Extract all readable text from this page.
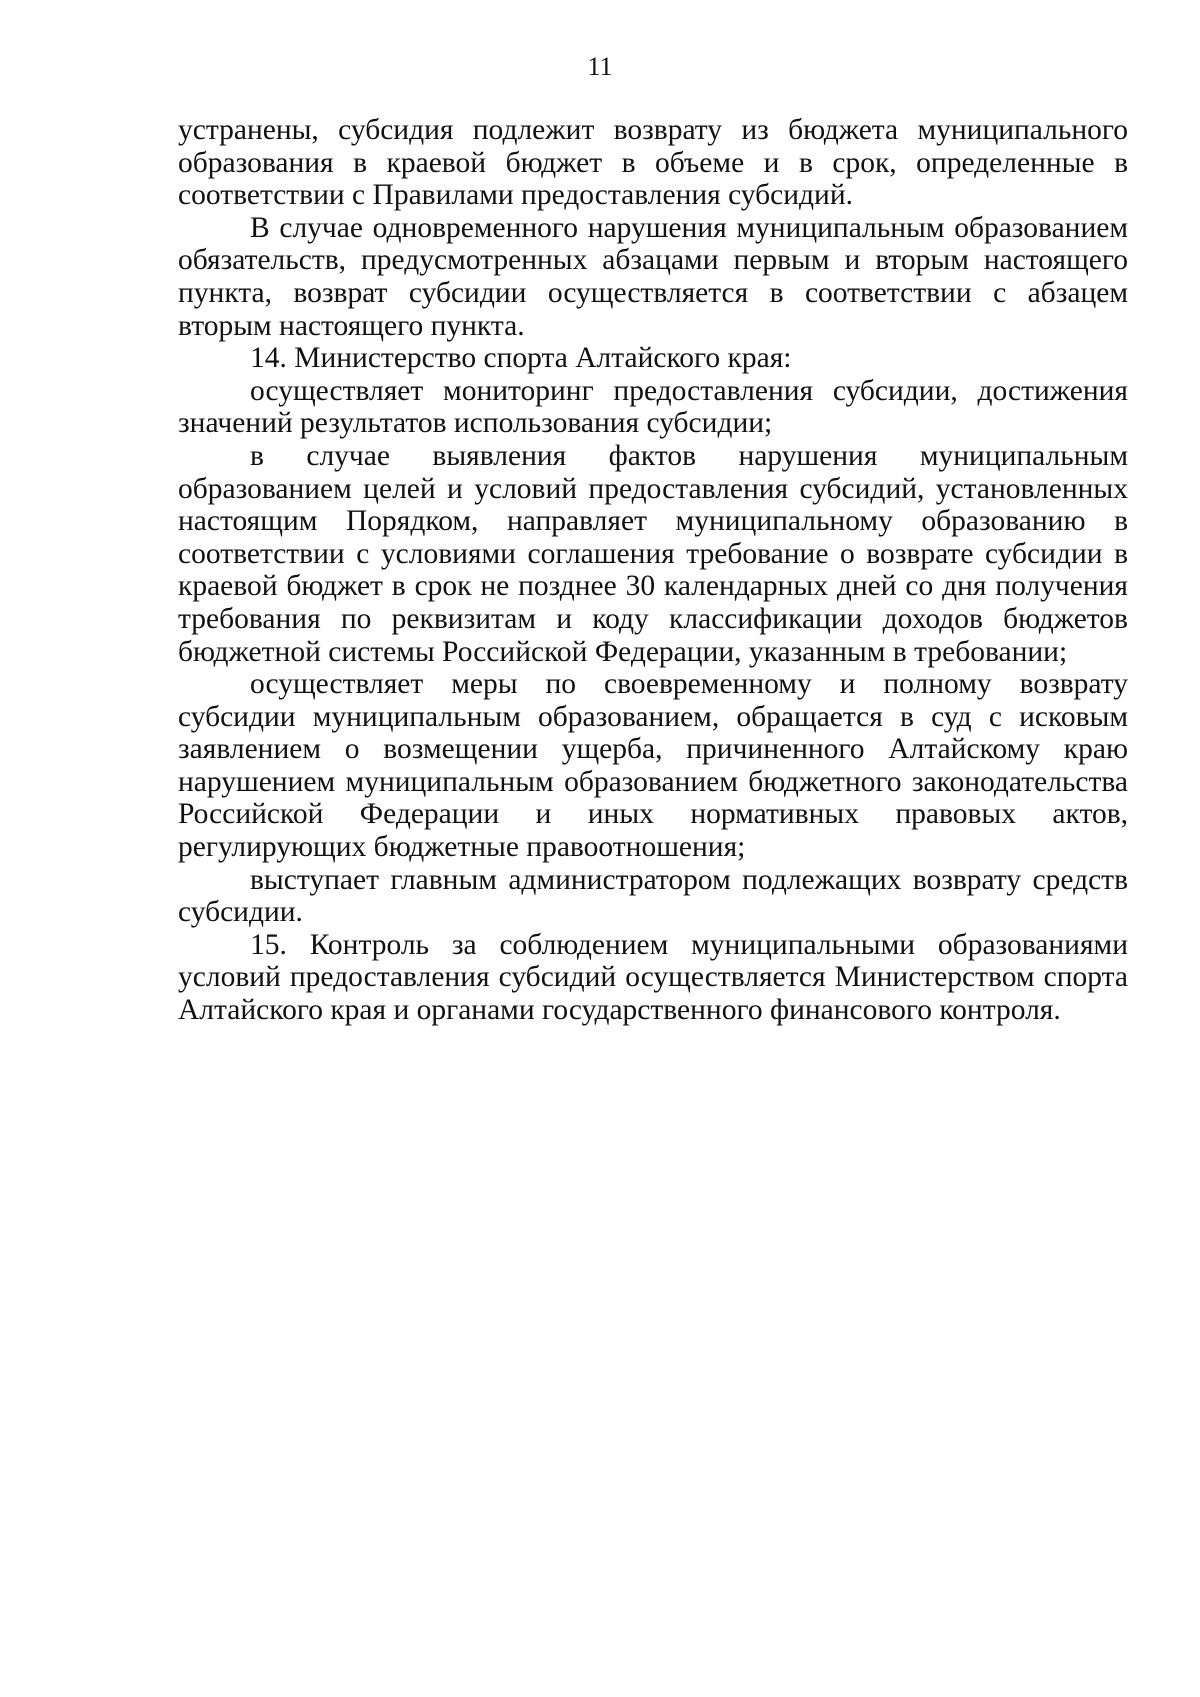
11

устранены, субсидия подлежит возврату из бюджета муниципального образования в краевой бюджет в объеме и в срок, определенные в соответствии с Правилами предоставления субсидий.

В случае одновременного нарушения муниципальным образованием обязательств, предусмотренных абзацами первым и вторым настоящего пункта, возврат субсидии осуществляется в соответствии с абзацем вторым настоящего пункта.

14. Министерство спорта Алтайского края:

осуществляет мониторинг предоставления субсидии, достижения значений результатов использования субсидии;

в случае выявления фактов нарушения муниципальным образованием целей и условий предоставления субсидий, установленных настоящим Порядком, направляет муниципальному образованию в соответствии с условиями соглашения требование о возврате субсидии в краевой бюджет в срок не позднее 30 календарных дней со дня получения требования по реквизитам и коду классификации доходов бюджетов бюджетной системы Российской Федерации, указанным в требовании;

осуществляет меры по своевременному и полному возврату субсидии муниципальным образованием, обращается в суд с исковым заявлением о возмещении ущерба, причиненного Алтайскому краю нарушением муниципальным образованием бюджетного законодательства Российской Федерации и иных нормативных правовых актов, регулирующих бюджетные правоотношения;

выступает главным администратором подлежащих возврату средств субсидии.

15. Контроль за соблюдением муниципальными образованиями условий предоставления субсидий осуществляется Министерством спорта Алтайского края и органами государственного финансового контроля.
